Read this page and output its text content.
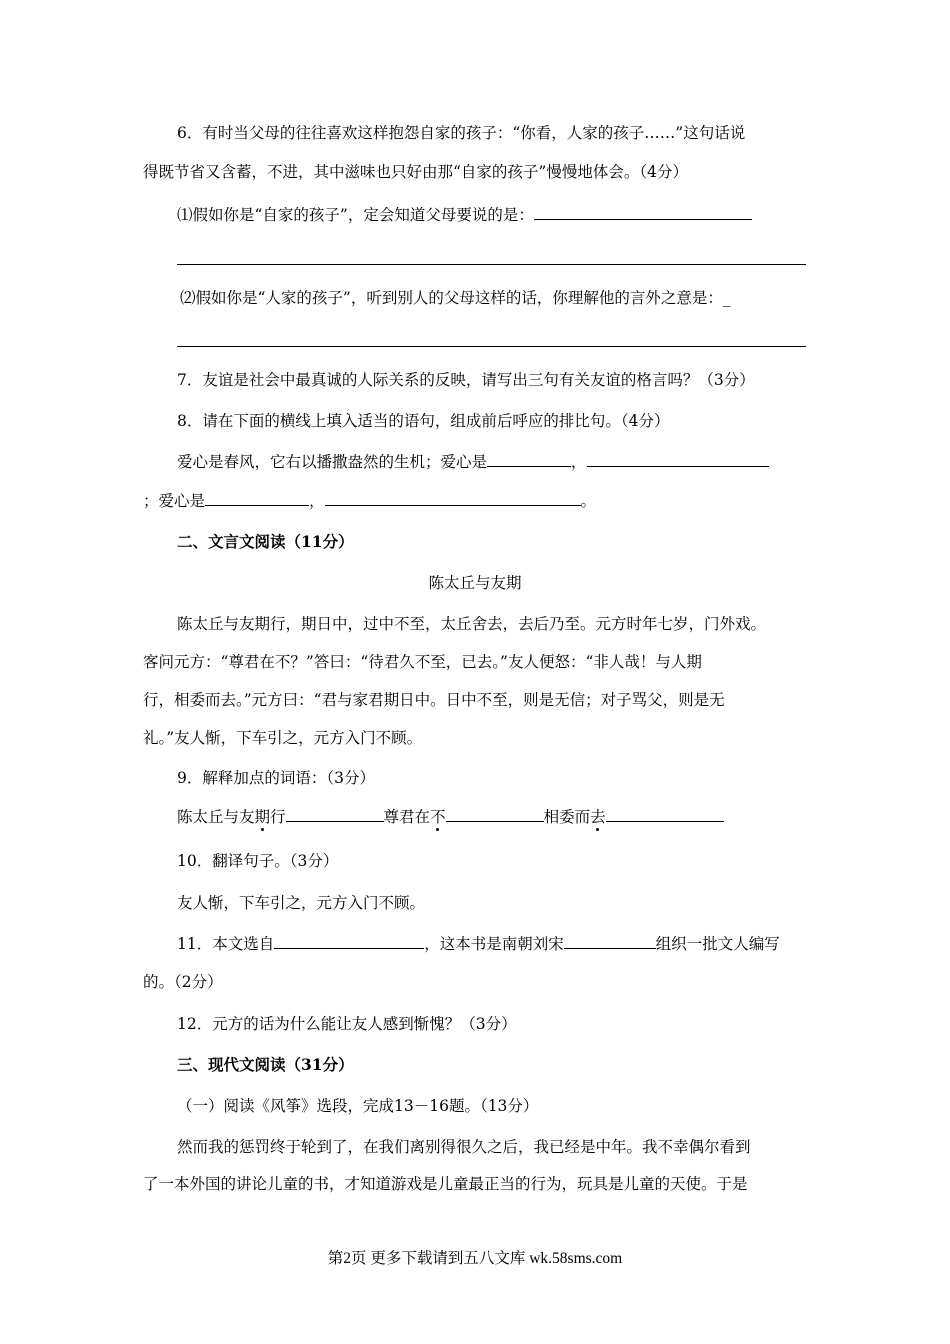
6．有时当父母的往往喜欢这样抱怨自家的孩子：“你看，人家的孩子……”这句话说
得既节省又含蓄，不进，其中滋味也只好由那“自家的孩子”慢慢地体会。（4分）
⑴假如你是“自家的孩子”，定会知道父母要说的是：
⑵假如你是“人家的孩子”，听到别人的父母这样的话，你理解他的言外之意是：_
7．友谊是社会中最真诚的人际关系的反映，请写出三句有关友谊的格言吗？（3分）
8．请在下面的横线上填入适当的语句，组成前后呼应的排比句。（4分）
爱心是春风，它右以播撒盎然的生机；爱心是	，
；爱心是	，	。
二、文言文阅读（11分）
陈太丘与友期
陈太丘与友期行，期日中，过中不至，太丘舍去，去后乃至。元方时年七岁，门外戏。
客问元方：“尊君在不？”答曰：“待君久不至，已去。”友人便怒：“非人哉！与人期
行，相委而去。”元方曰：“君与家君期日中。日中不至，则是无信；对子骂父，则是无
礼。”友人惭，下车引之，元方入门不顾。
9．解释加点的词语：（3分）
陈太丘与友期行	尊君在不	相委而去
10．翻译句子。（3分）
友人惭，下车引之，元方入门不顾。
11．本文选自	，这本书是南朝刘宋	组织一批文人编写
的。（2分）
12．元方的话为什么能让友人感到惭愧？（3分）
三、现代文阅读（31分）
（一）阅读《风筝》选段，完成13－16题。（13分）
然而我的惩罚终于轮到了，在我们离别得很久之后，我已经是中年。我不幸偶尔看到
了一本外国的讲论儿童的书，才知道游戏是儿童最正当的行为，玩具是儿童的天使。于是
第2页 更多下载请到五八文库 wk.58sms.com
